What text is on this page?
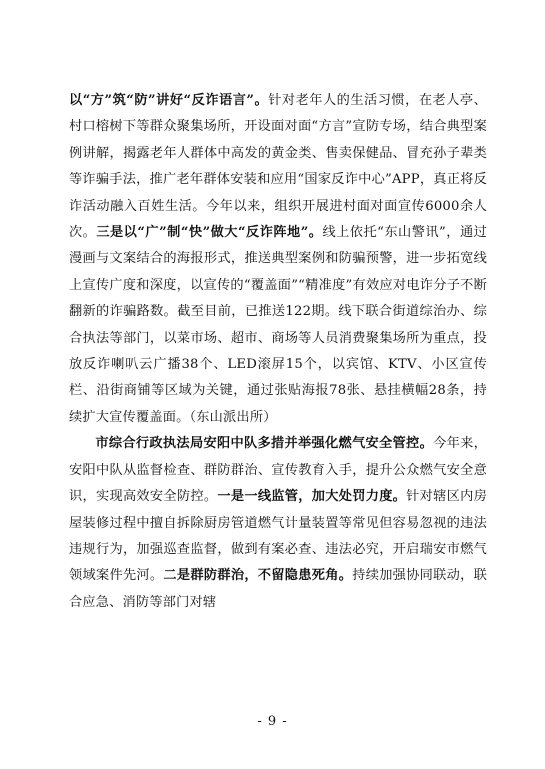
以“方”筑“防”讲好“反诈语言”。针对老年人的生活习惯，在老人亭、村口榕树下等群众聚集场所，开设面对面“方言”宣防专场，结合典型案例讲解，揭露老年人群体中高发的黄金类、售卖保健品、冒充孙子辈类等诈骗手法，推广老年群体安装和应用“国家反诈中心”APP，真正将反诈活动融入百姓生活。今年以来，组织开展进村面对面宣传6000余人次。三是以“广”制“快”做大“反诈阵地”。线上依托“东山警讯”，通过漫画与文案结合的海报形式，推送典型案例和防骗预警，进一步拓宽线上宣传广度和深度，以宣传的“覆盖面”“精准度”有效应对电诈分子不断翻新的诈骗路数。截至目前，已推送122期。线下联合街道综治办、综合执法等部门，以菜市场、超市、商场等人员消费聚集场所为重点，投放反诈喇叭云广播38个、LED滚屏15个，以宾馆、KTV、小区宣传栏、沿街商铺等区域为关键，通过张贴海报78张、悬挂横幅28条，持续扩大宣传覆盖面。（东山派出所）

市综合行政执法局安阳中队多措并举强化燃气安全管控。今年来，安阳中队从监督检查、群防群治、宣传教育入手，提升公众燃气安全意识，实现高效安全防控。一是一线监管，加大处罚力度。针对辖区内房屋装修过程中擅自拆除厨房管道燃气计量装置等常见但容易忽视的违法违规行为，加强巡查监督，做到有案必查、违法必究，开启瑞安市燃气领域案件先河。二是群防群治，不留隐患死角。持续加强协同联动，联合应急、消防等部门对辖

- 9 -
